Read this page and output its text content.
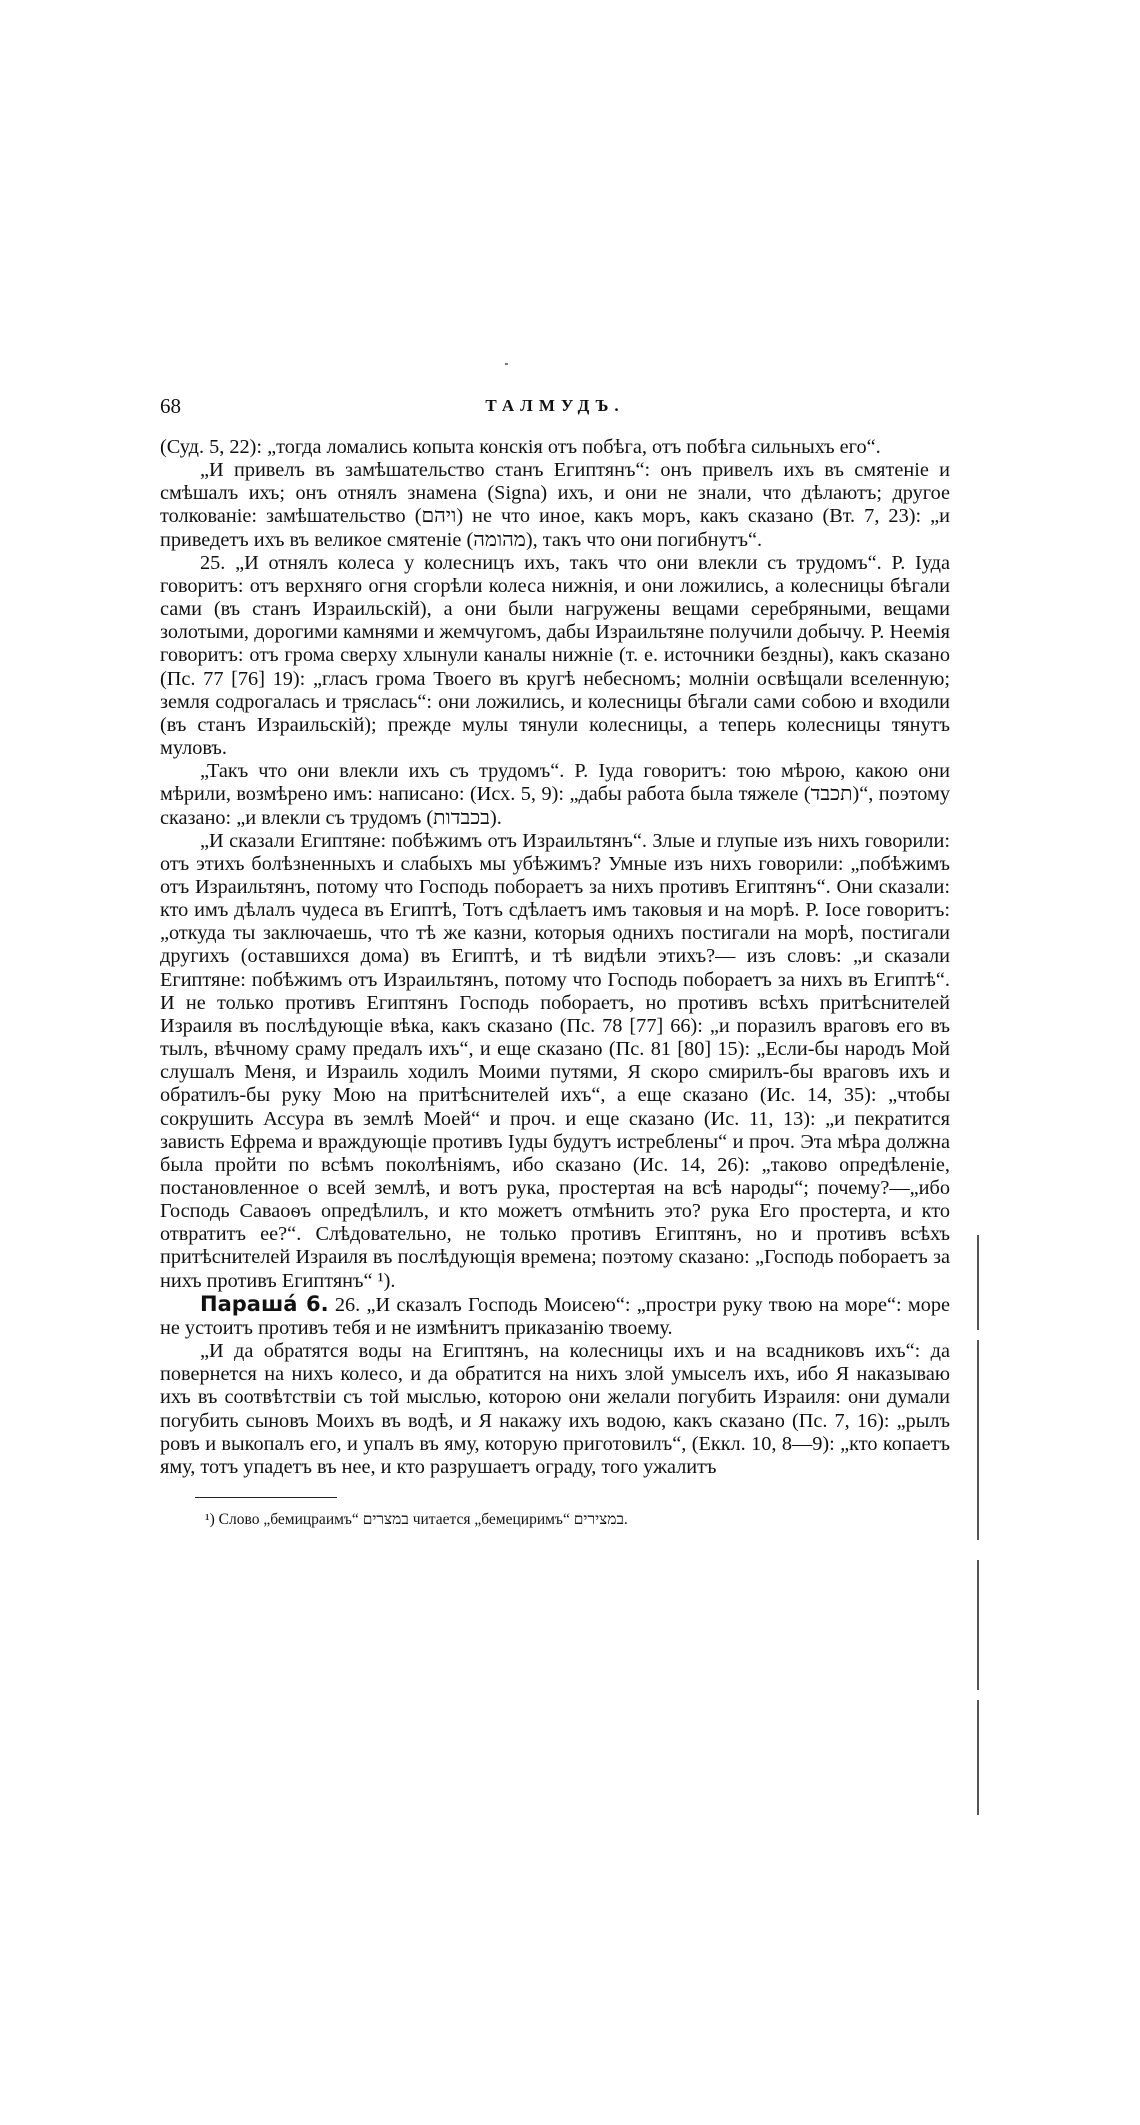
68	ТАЛМУДЪ.

(Суд. 5, 22): „тогда ломались копыта конскія отъ побѣга, отъ побѣга сильныхъ его“.

„И привелъ въ замѣшательство станъ Египтянъ“: онъ привелъ ихъ въ смятеніе и смѣшалъ ихъ; онъ отнялъ знамена (Signa) ихъ, и они не знали, что дѣлаютъ; другое толкованіе: замѣшательство (ויהם) не что иное, какъ моръ, какъ сказано (Вт. 7, 23): „и приведетъ ихъ въ великое смятеніе (מהומה), такъ что они погибнутъ“.

25. „И отнялъ колеса у колесницъ ихъ, такъ что они влекли съ трудомъ“. Р. Іуда говоритъ: отъ верхняго огня сгорѣли колеса нижнія, и они ложились, а колесницы бѣгали сами (въ станъ Израильскій), а они были нагружены вещами серебряными, вещами золотыми, дорогими камнями и жемчугомъ, дабы Израильтяне получили добычу. Р. Неемія говоритъ: отъ грома сверху хлынули каналы нижніе (т. е. источники бездны), какъ сказано (Пс. 77 [76] 19): „гласъ грома Твоего въ кругѣ небесномъ; молніи освѣщали вселенную; земля содрогалась и тряслась“: они ложились, и колесницы бѣгали сами собою и входили (въ станъ Израильскій); прежде мулы тянули колесницы, а теперь колесницы тянутъ муловъ.

„Такъ что они влекли ихъ съ трудомъ“. Р. Іуда говоритъ: тою мѣрою, какою они мѣрили, возмѣрено имъ: написано: (Исх. 5, 9): „дабы работа была тяжеле (תכבד)“, поэтому сказано: „и влекли съ трудомъ (בכבדות).

„И сказали Египтяне: побѣжимъ отъ Израильтянъ“. Злые и глупые изъ нихъ говорили: отъ этихъ болѣзненныхъ и слабыхъ мы убѣжимъ? Умные изъ нихъ говорили: „побѣжимъ отъ Израильтянъ, потому что Господь побораетъ за нихъ противъ Египтянъ“. Они сказали: кто имъ дѣлалъ чудеса въ Египтѣ, Тотъ сдѣлаетъ имъ таковыя и на морѣ. Р. Іосе говоритъ: „откуда ты заключаешь, что тѣ же казни, которыя однихъ постигали на морѣ, постигали другихъ (оставшихся дома) въ Египтѣ, и тѣ видѣли этихъ?— изъ словъ: „и сказали Египтяне: побѣжимъ отъ Израильтянъ, потому что Господь побораетъ за нихъ въ Египтѣ“. И не только противъ Египтянъ Господь побораетъ, но противъ всѣхъ притѣснителей Израиля въ послѣдующіе вѣка, какъ сказано (Пс. 78 [77] 66): „и поразилъ враговъ его въ тылъ, вѣчному сраму предалъ ихъ“, и еще сказано (Пс. 81 [80] 15): „Если-бы народъ Мой слушалъ Меня, и Израиль ходилъ Моими путями, Я скоро смирилъ-бы враговъ ихъ и обратилъ-бы руку Мою на притѣснителей ихъ“, а еще сказано (Ис. 14, 35): „чтобы сокрушить Ассура въ землѣ Моей“ и проч. и еще сказано (Ис. 11, 13): „и пекратится зависть Ефрема и враждующіе противъ Іуды будутъ истреблены“ и проч. Эта мѣра должна была пройти по всѣмъ поколѣніямъ, ибо сказано (Ис. 14, 26): „таково опредѣленіе, постановленное о всей землѣ, и вотъ рука, простертая на всѣ народы“; почему?—„ибо Господь Саваоѳъ опредѣлилъ, и кто можетъ отмѣнить это? рука Его простерта, и кто отвратитъ ее?“. Слѣдовательно, не только противъ Египтянъ, но и противъ всѣхъ притѣснителей Израиля въ послѣдующія времена; поэтому сказано: „Господь побораетъ за нихъ противъ Египтянъ“ ¹).

Парашá 6. 26. „И сказалъ Господь Моисею“: „простри руку твою на море“: море не устоитъ противъ тебя и не измѣнитъ приказанію твоему.

„И да обратятся воды на Египтянъ, на колесницы ихъ и на всадниковъ ихъ“: да повернется на нихъ колесо, и да обратится на нихъ злой умыселъ ихъ, ибо Я наказываю ихъ въ соотвѣтствіи съ той мыслью, которою они желали погубить Израиля: они думали погубить сыновъ Моихъ въ водѣ, и Я накажу ихъ водою, какъ сказано (Пс. 7, 16): „рылъ ровъ и выкопалъ его, и упалъ въ яму, которую приготовилъ“, (Еккл. 10, 8—9): „кто копаетъ яму, тотъ упадетъ въ нее, и кто разрушаетъ ограду, того ужалитъ

¹) Слово „бемицраимъ“ במצרים читается „бемециримъ“ במצירים.
